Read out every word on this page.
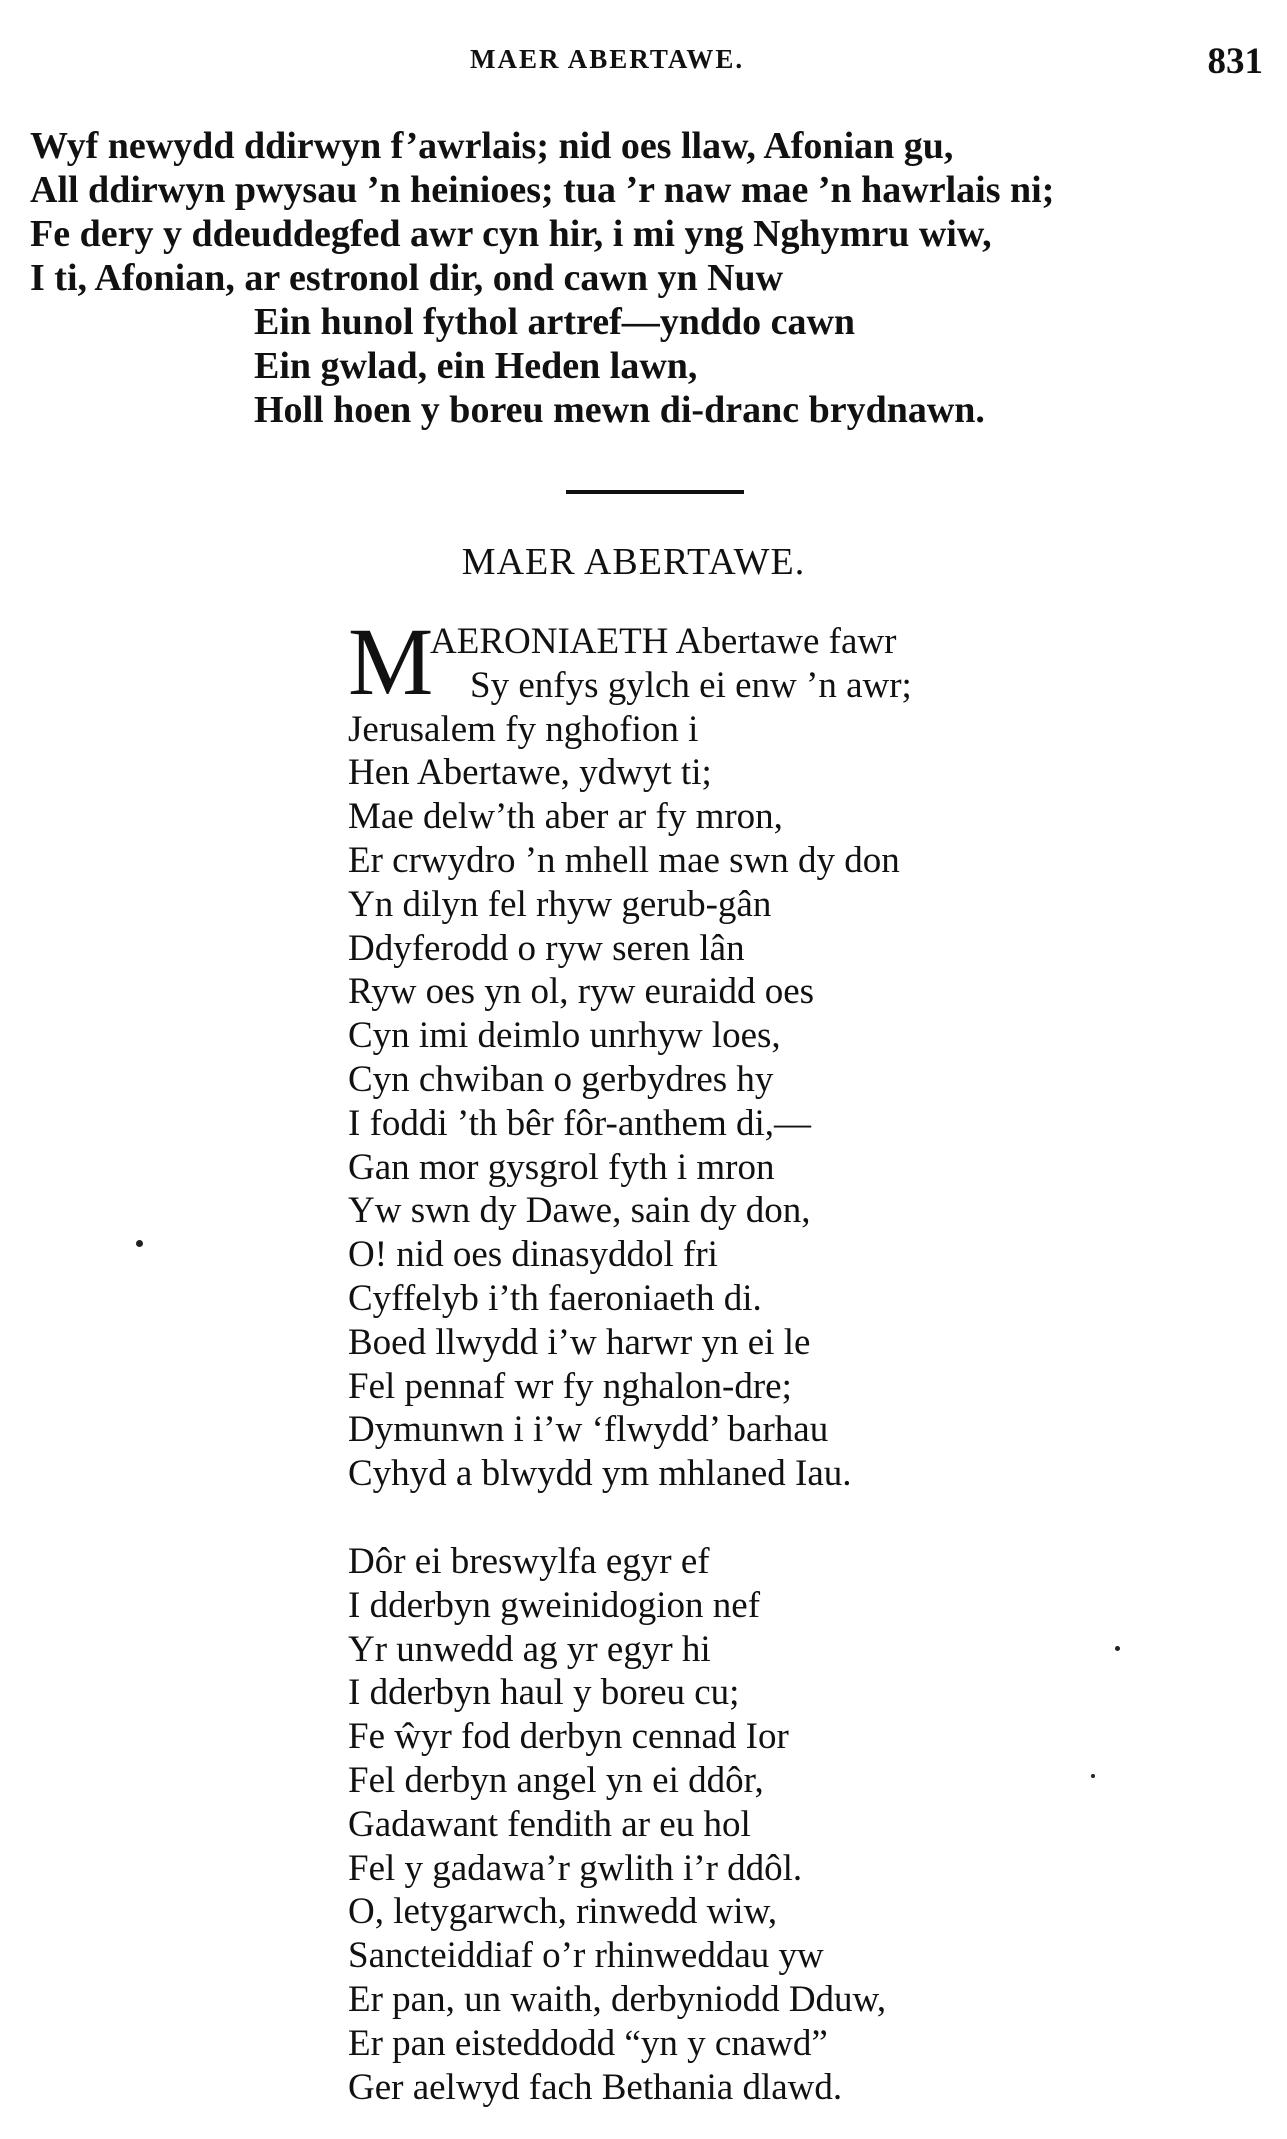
MAER ABERTAWE.	831
Wyf newydd ddirwyn f’awrlais; nid oes llaw, Afonian gu,
All ddirwyn pwysau ’n heinioes; tua ’r naw mae ’n hawrlais ni;
Fe dery y ddeuddegfed awr cyn hir, i mi yng Nghymru wiw,
I ti, Afonian, ar estronol dir, ond cawn yn Nuw
Ein hunol fythol artref—ynddo cawn
Ein gwlad, ein Heden lawn,
Holl hoen y boreu mewn di-dranc brydnawn.
MAER ABERTAWE.
M
AERONIAETH Abertawe fawr
Sy enfys gylch ei enw ’n awr;
Jerusalem fy nghofion i
Hen Abertawe, ydwyt ti;
Mae delw’th aber ar fy mron,
Er crwydro ’n mhell mae swn dy don
Yn dilyn fel rhyw gerub-gân
Ddyferodd o ryw seren lân
Ryw oes yn ol, ryw euraidd oes
Cyn imi deimlo unrhyw loes,
Cyn chwiban o gerbydres hy
I foddi ’th bêr fôr-anthem di,—
Gan mor gysgrol fyth i mron
Yw swn dy Dawe, sain dy don,
O! nid oes dinasyddol fri
Cyffelyb i’th faeroniaeth di.
Boed llwydd i’w harwr yn ei le
Fel pennaf wr fy nghalon-dre;
Dymunwn i i’w ‘flwydd’ barhau
Cyhyd a blwydd ym mhlaned Iau.
Dôr ei breswylfa egyr ef
I dderbyn gweinidogion nef
Yr unwedd ag yr egyr hi
I dderbyn haul y boreu cu;
Fe ŵyr fod derbyn cennad Ior
Fel derbyn angel yn ei ddôr,
Gadawant fendith ar eu hol
Fel y gadawa’r gwlith i’r ddôl.
O, letygarwch, rinwedd wiw,
Sancteiddiaf o’r rhinweddau yw
Er pan, un waith, derbyniodd Dduw,
Er pan eisteddodd “yn y cnawd”
Ger aelwyd fach Bethania dlawd.
